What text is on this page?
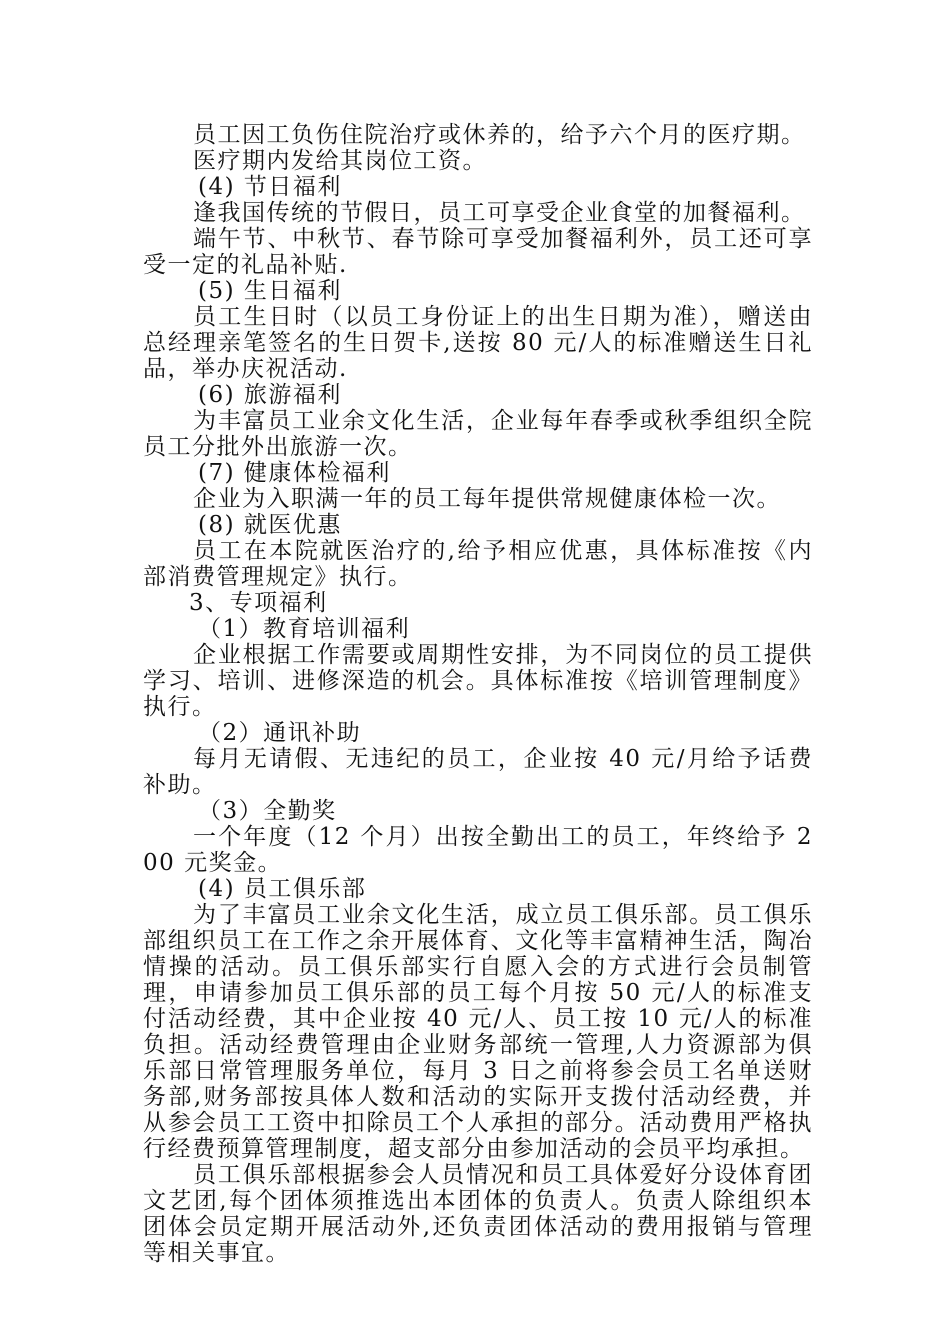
员工因工负伤住院治疗或休养的，给予六个月的医疗期。

医疗期内发给其岗位工资。

(4) 节日福利

逢我国传统的节假日，员工可享受企业食堂的加餐福利。

端午节、中秋节、春节除可享受加餐福利外，员工还可享受一定的礼品补贴.

(5) 生日福利

员工生日时（以员工身份证上的出生日期为准），赠送由总经理亲笔签名的生日贺卡,送按 80 元/人的标准赠送生日礼品，举办庆祝活动.

(6) 旅游福利

为丰富员工业余文化生活，企业每年春季或秋季组织全院员工分批外出旅游一次。

(7) 健康体检福利

企业为入职满一年的员工每年提供常规健康体检一次。

(8) 就医优惠

员工在本院就医治疗的,给予相应优惠，具体标准按《内部消费管理规定》执行。

3、专项福利

（1）教育培训福利

企业根据工作需要或周期性安排，为不同岗位的员工提供学习、培训、进修深造的机会。具体标准按《培训管理制度》执行。

（2）通讯补助

每月无请假、无违纪的员工，企业按 40 元/月给予话费补助。

（3）全勤奖

一个年度（12 个月）出按全勤出工的员工，年终给予 200 元奖金。

(4) 员工俱乐部

为了丰富员工业余文化生活，成立员工俱乐部。员工俱乐部组织员工在工作之余开展体育、文化等丰富精神生活，陶冶情操的活动。员工俱乐部实行自愿入会的方式进行会员制管理，申请参加员工俱乐部的员工每个月按 50 元/人的标准支付活动经费，其中企业按 40 元/人、员工按 10 元/人的标准负担。活动经费管理由企业财务部统一管理,人力资源部为俱乐部日常管理服务单位，每月 3 日之前将参会员工名单送财务部,财务部按具体人数和活动的实际开支拨付活动经费，并从参会员工工资中扣除员工个人承担的部分。活动费用严格执行经费预算管理制度，超支部分由参加活动的会员平均承担。

员工俱乐部根据参会人员情况和员工具体爱好分设体育团文艺团,每个团体须推选出本团体的负责人。负责人除组织本团体会员定期开展活动外,还负责团体活动的费用报销与管理等相关事宜。
